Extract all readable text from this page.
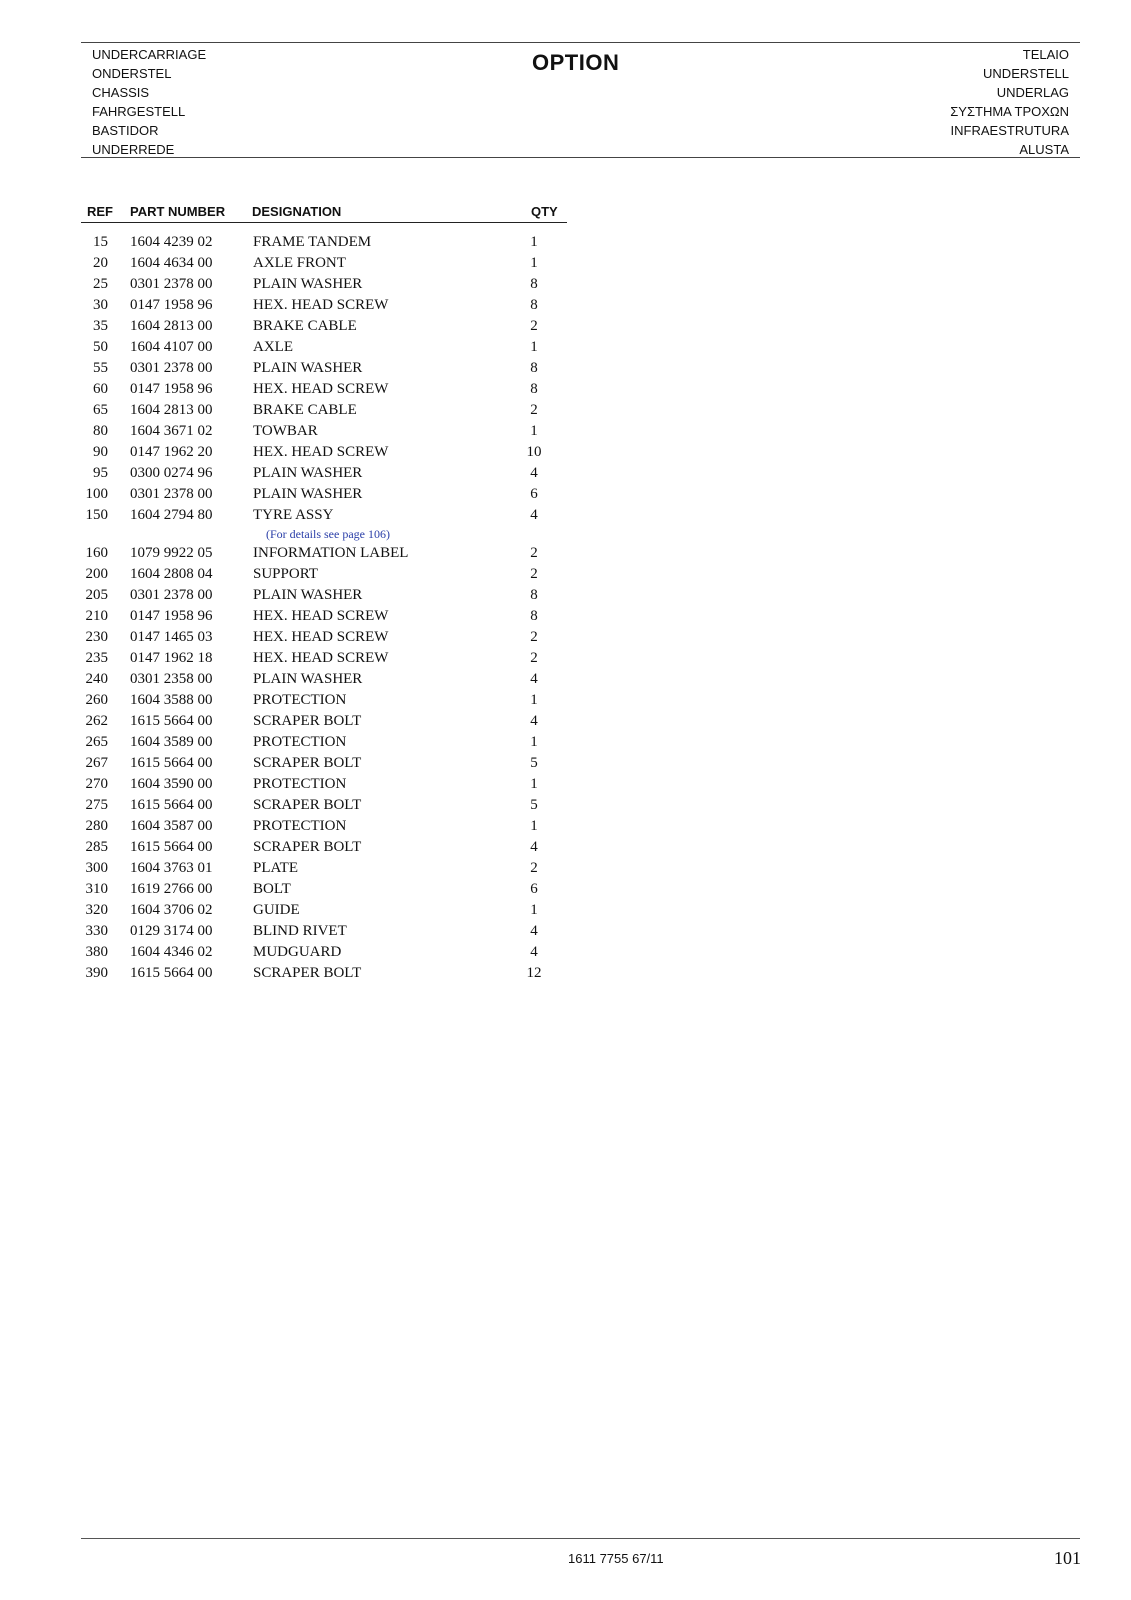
UNDERCARRIAGE
ONDERSTEL
CHASSIS
FAHRGESTELL
BASTIDOR
UNDERREDE
OPTION	TELAIO
UNDERSTELL
UNDERLAG
ΣΥΣΤΗΜΑ ΤΡΟΧΩΝ
INFRAESTRUTURA
ALUSTA
REF PART NUMBER DESIGNATION	QTY
15 1604 4239 02	FRAME TANDEM	1
20 1604 4634 00	AXLE FRONT	1
25 0301 2378 00	PLAIN WASHER	8
30 0147 1958 96	HEX. HEAD SCREW	8
35 1604 2813 00	BRAKE CABLE	2
50 1604 4107 00	AXLE	1
55 0301 2378 00	PLAIN WASHER	8
60 0147 1958 96	HEX. HEAD SCREW	8
65 1604 2813 00	BRAKE CABLE	2
80 1604 3671 02	TOWBAR	1
90 0147 1962 20	HEX. HEAD SCREW	10
95 0300 0274 96	PLAIN WASHER	4
100 0301 2378 00	PLAIN WASHER	6
150 1604 2794 80	TYRE ASSY	4
(For details see page 106)
160 1079 9922 05	INFORMATION LABEL	2
200 1604 2808 04	SUPPORT	2
205 0301 2378 00	PLAIN WASHER	8
210 0147 1958 96	HEX. HEAD SCREW	8
230 0147 1465 03	HEX. HEAD SCREW	2
235 0147 1962 18	HEX. HEAD SCREW	2
240 0301 2358 00	PLAIN WASHER	4
260 1604 3588 00	PROTECTION	1
262 1615 5664 00	SCRAPER BOLT	4
265 1604 3589 00	PROTECTION	1
267 1615 5664 00	SCRAPER BOLT	5
270 1604 3590 00	PROTECTION	1
275 1615 5664 00	SCRAPER BOLT	5
280 1604 3587 00	PROTECTION	1
285 1615 5664 00	SCRAPER BOLT	4
300 1604 3763 01	PLATE	2
310 1619 2766 00	BOLT	6
320 1604 3706 02	GUIDE	1
330 0129 3174 00	BLIND RIVET	4
380 1604 4346 02	MUDGUARD	4
390 1615 5664 00	SCRAPER BOLT	12
1611 7755 67/11	101
